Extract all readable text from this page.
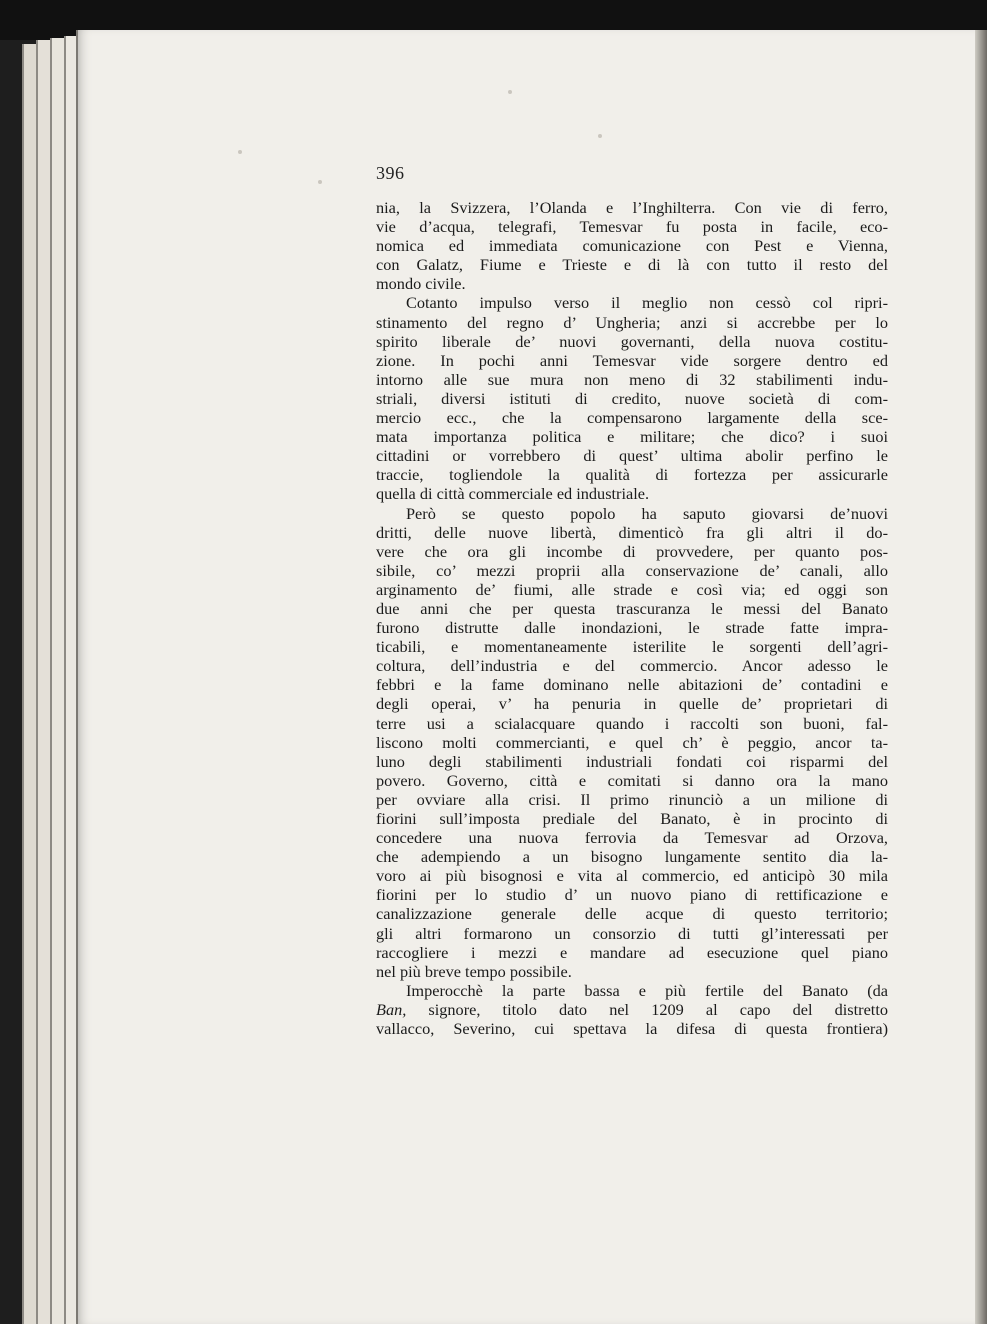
396
nia, la Svizzera, l’Olanda e l’Inghilterra. Con vie di ferro,
vie d’acqua, telegrafi, Temesvar fu posta in facile, eco-
nomica ed immediata comunicazione con Pest e Vienna,
con Galatz, Fiume e Trieste e di là con tutto il resto del
mondo civile.
Cotanto impulso verso il meglio non cessò col ripri-
stinamento del regno d’ Ungheria; anzi si accrebbe per lo
spirito liberale de’ nuovi governanti, della nuova costitu-
zione. In pochi anni Temesvar vide sorgere dentro ed
intorno alle sue mura non meno di 32 stabilimenti indu-
striali, diversi istituti di credito, nuove società di com-
mercio ecc., che la compensarono largamente della sce-
mata importanza politica e militare; che dico? i suoi
cittadini or vorrebbero di quest’ ultima abolir perfino le
traccie, togliendole la qualità di fortezza per assicurarle
quella di città commerciale ed industriale.
Però se questo popolo ha saputo giovarsi de’nuovi
dritti, delle nuove libertà, dimenticò fra gli altri il do-
vere che ora gli incombe di provvedere, per quanto pos-
sibile, co’ mezzi proprii alla conservazione de’ canali, allo
arginamento de’ fiumi, alle strade e così via; ed oggi son
due anni che per questa trascuranza le messi del Banato
furono distrutte dalle inondazioni, le strade fatte impra-
ticabili, e momentaneamente isterilite le sorgenti dell’agri-
coltura, dell’industria e del commercio. Ancor adesso le
febbri e la fame dominano nelle abitazioni de’ contadini e
degli operai, v’ ha penuria in quelle de’ proprietari di
terre usi a scialacquare quando i raccolti son buoni, fal-
liscono molti commercianti, e quel ch’ è peggio, ancor ta-
luno degli stabilimenti industriali fondati coi risparmi del
povero. Governo, città e comitati si danno ora la mano
per ovviare alla crisi. Il primo rinunciò a un milione di
fiorini sull’imposta prediale del Banato, è in procinto di
concedere una nuova ferrovia da Temesvar ad Orzova,
che adempiendo a un bisogno lungamente sentito dia la-
voro ai più bisognosi e vita al commercio, ed anticipò 30 mila
fiorini per lo studio d’ un nuovo piano di rettificazione e
canalizzazione generale delle acque di questo territorio;
gli altri formarono un consorzio di tutti gl’interessati per
raccogliere i mezzi e mandare ad esecuzione quel piano
nel più breve tempo possibile.
Imperocchè la parte bassa e più fertile del Banato (da
Ban, signore, titolo dato nel 1209 al capo del distretto
vallacco, Severino, cui spettava la difesa di questa frontiera)
